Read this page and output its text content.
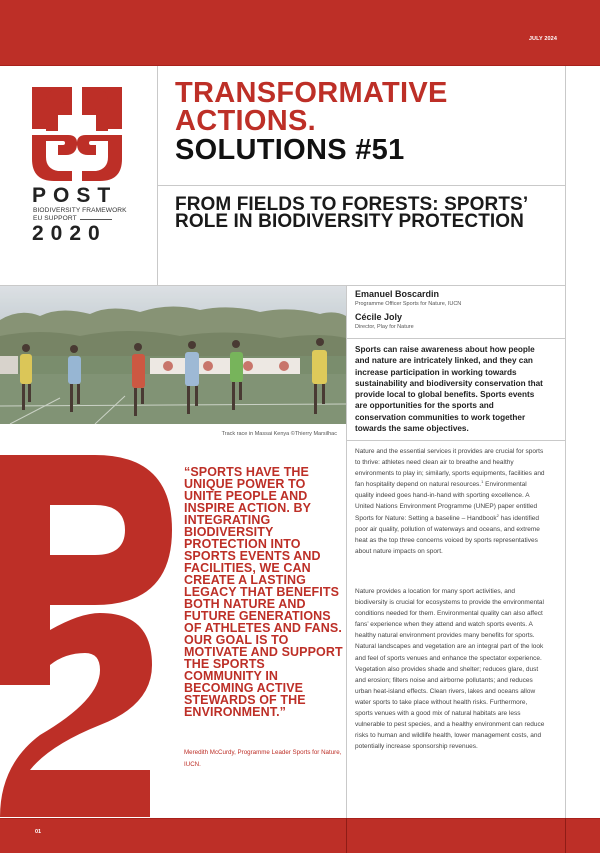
JULY 2024
POST
BIODIVERSITY FRAMEWORK
EU SUPPORT
2020
TRANSFORMATIVE
ACTIONS.
SOLUTIONS #51
FROM FIELDS TO FORESTS: SPORTS’ ROLE IN BIODIVERSITY PROTECTION
Track race in Massai Kenya ©Thierry Marsilhac
Emanuel Boscardin
Programme Officer Sports for Nature, IUCN
Cécile Joly
Director, Play for Nature
Sports can raise awareness about how people and nature are intricately linked, and they can increase participation in working towards sustainability and biodiversity conservation that provide local to global benefits. Sports events are opportunities for the sports and conservation communities to work together towards the same objectives.
Nature and the essential services it provides are crucial for sports to thrive: athletes need clean air to breathe and healthy environments to play in; similarly, sports equipments, facilities and fan hospitality depend on natural resources.$^1$ Environmental quality indeed goes hand-in-hand with sporting excellence. A United Nations Environment Programme (UNEP) paper entitled Sports for Nature: Setting a baseline – Handbook$^2$ has identified poor air quality, pollution of waterways and oceans, and extreme heat as the top three concerns voiced by sports representatives about nature impacts on sport.
Nature provides a location for many sport activities, and biodiversity is crucial for ecosystems to provide the environmental conditions needed for them. Environmental quality can also affect fans’ experience when they attend and watch sports events. A healthy natural environment provides many benefits for sports. Natural landscapes and vegetation are an integral part of the look and feel of sports venues and enhance the spectator experience. Vegetation also provides shade and shelter; reduces glare, dust and erosion; filters noise and airborne pollutants; and reduces urban heat-island effects. Clean rivers, lakes and oceans allow water sports to take place without health risks. Furthermore, sports venues with a good mix of natural habitats are less vulnerable to pest species, and a healthy environment can reduce risks to human and wildlife health, lower management costs, and potentially increase sponsorship revenues.
“SPORTS HAVE THE UNIQUE POWER TO UNITE PEOPLE AND INSPIRE ACTION. BY INTEGRATING BIODIVERSITY PROTECTION INTO SPORTS EVENTS AND FACILITIES, WE CAN CREATE A LASTING LEGACY THAT BENEFITS BOTH NATURE AND FUTURE GENERATIONS OF ATHLETES AND FANS. OUR GOAL IS TO MOTIVATE AND SUPPORT THE SPORTS COMMUNITY IN BECOMING ACTIVE STEWARDS OF THE ENVIRONMENT.”
Meredith McCurdy, Programme Leader Sports for Nature, IUCN.
01
